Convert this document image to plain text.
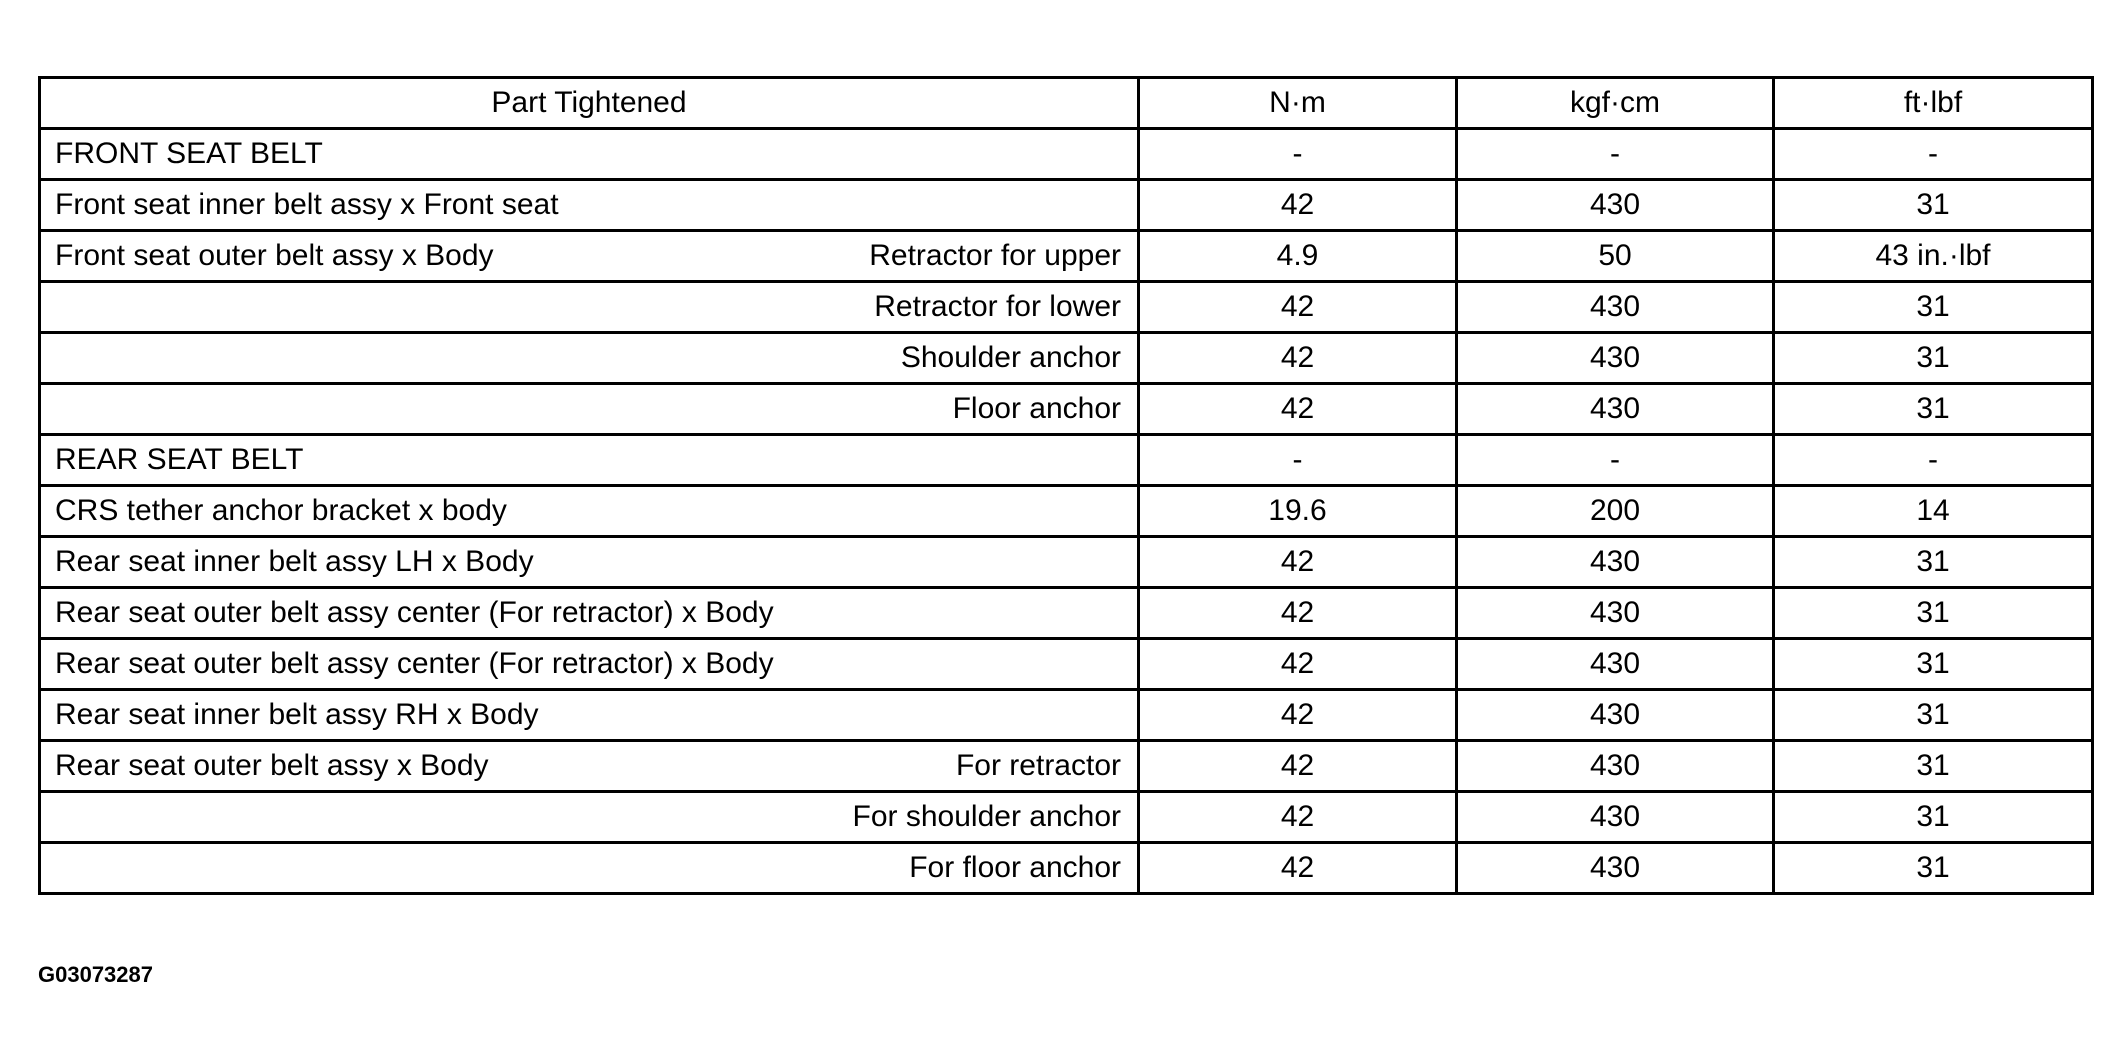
Part Tightened	N·m	kgf·cm	ft·lbf

FRONT SEAT BELT	-	-	-

Front seat inner belt assy x Front seat	42	430	31

Front seat outer belt assy x Body Retractor for upper	4.9	50	43 in.·lbf

Retractor for lower	42	430	31

Shoulder anchor	42	430	31

Floor anchor	42	430	31

REAR SEAT BELT	-	-	-

CRS tether anchor bracket x body	19.6	200	14

Rear seat inner belt assy LH x Body	42	430	31

Rear seat outer belt assy center (For retractor) x Body	42	430	31

Rear seat outer belt assy center (For retractor) x Body	42	430	31

Rear seat inner belt assy RH x Body	42	430	31

Rear seat outer belt assy x Body For retractor	42	430	31

For shoulder anchor	42	430	31

For floor anchor	42	430	31
G03073287
